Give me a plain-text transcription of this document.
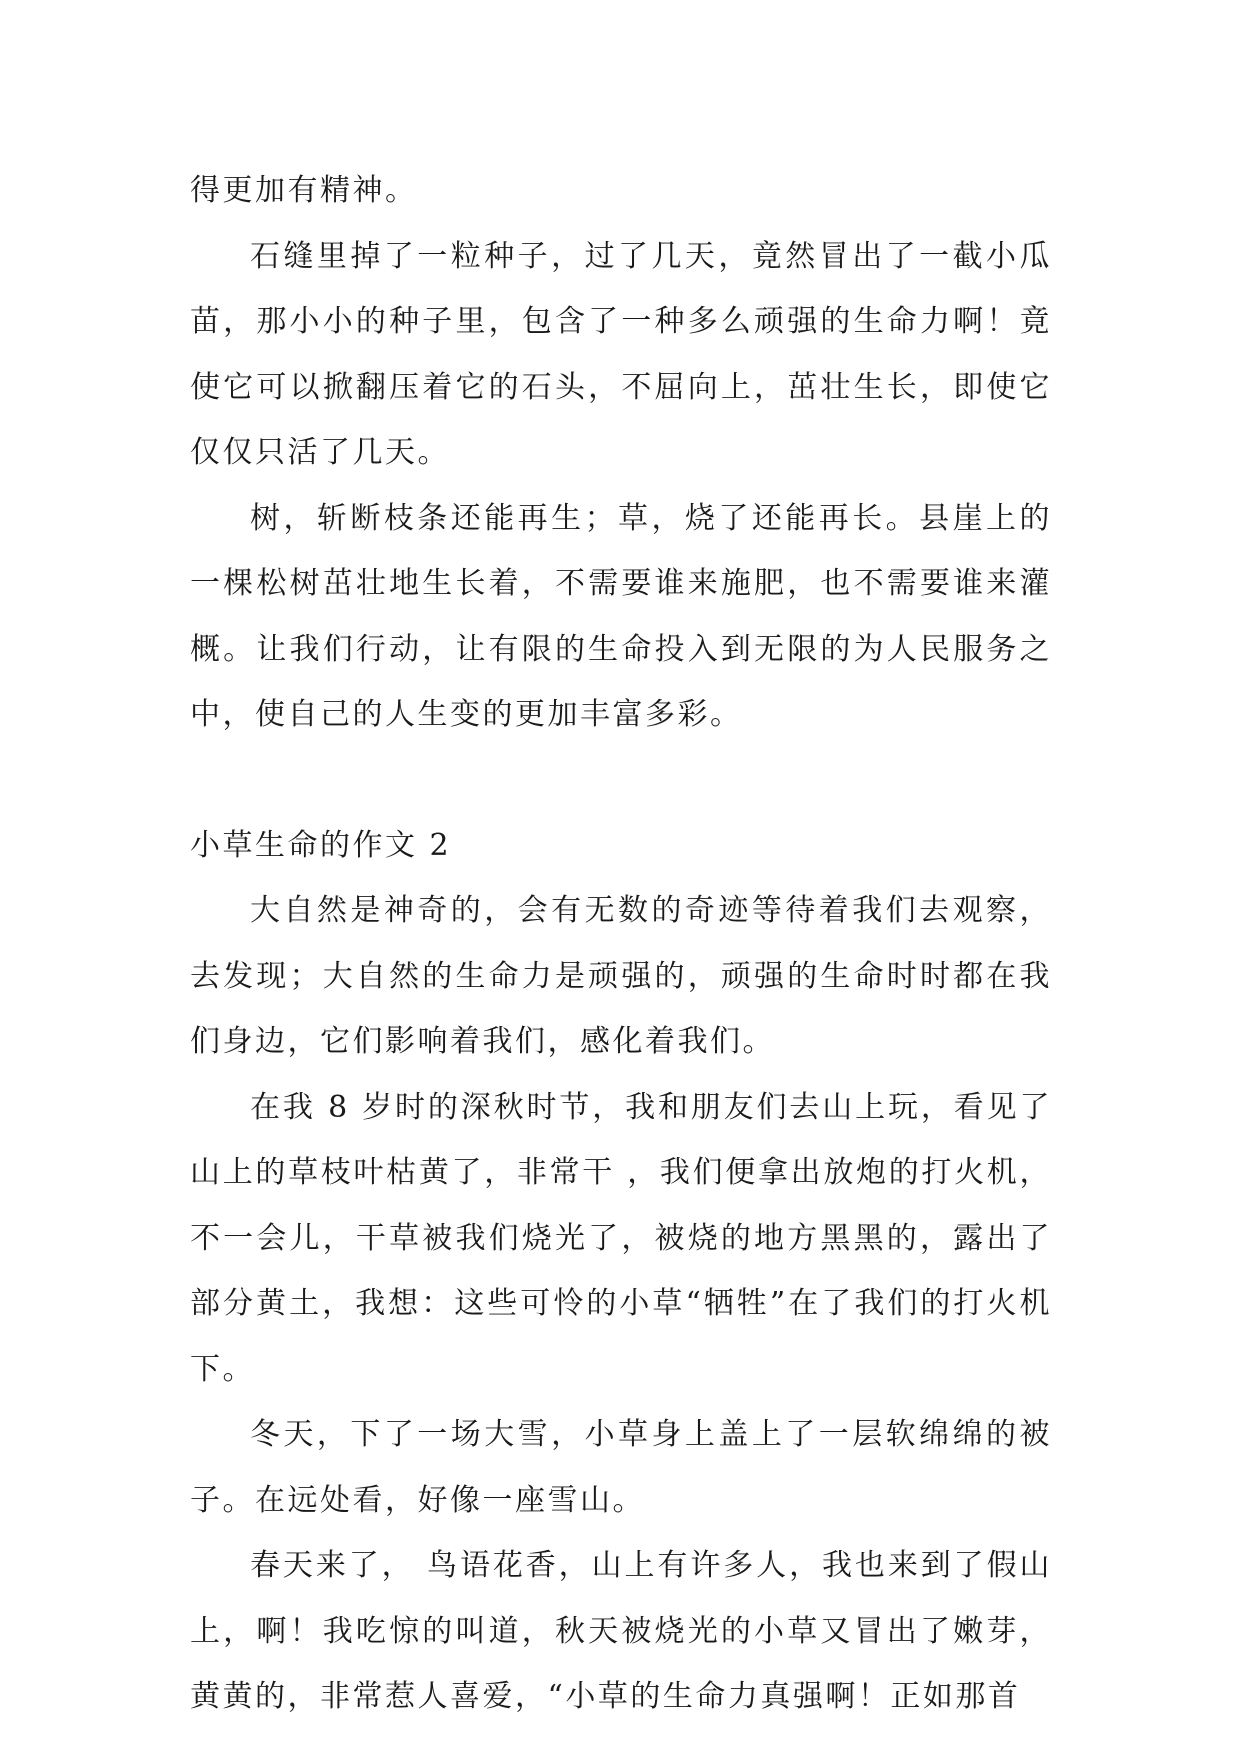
得更加有精神。

石缝里掉了一粒种子，过了几天，竟然冒出了一截小瓜苗，那小小的种子里，包含了一种多么顽强的生命力啊！竟使它可以掀翻压着它的石头，不屈向上，茁壮生长，即使它仅仅只活了几天。

树，斩断枝条还能再生；草，烧了还能再长。县崖上的一棵松树茁壮地生长着，不需要谁来施肥，也不需要谁来灌概。让我们行动，让有限的生命投入到无限的为人民服务之中，使自己的人生变的更加丰富多彩。

小草生命的作文 2

大自然是神奇的，会有无数的奇迹等待着我们去观察，去发现；大自然的生命力是顽强的，顽强的生命时时都在我们身边，它们影响着我们，感化着我们。

在我 8 岁时的深秋时节，我和朋友们去山上玩，看见了山上的草枝叶枯黄了，非常干 ，我们便拿出放炮的打火机，不一会儿，干草被我们烧光了，被烧的地方黑黑的，露出了部分黄土，我想：这些可怜的小草“牺牲”在了我们的打火机下。

冬天，下了一场大雪，小草身上盖上了一层软绵绵的被子。在远处看，好像一座雪山。

春天来了， 鸟语花香，山上有许多人，我也来到了假山上，啊！我吃惊的叫道，秋天被烧光的小草又冒出了嫩芽，黄黄的，非常惹人喜爱，“小草的生命力真强啊！正如那首
